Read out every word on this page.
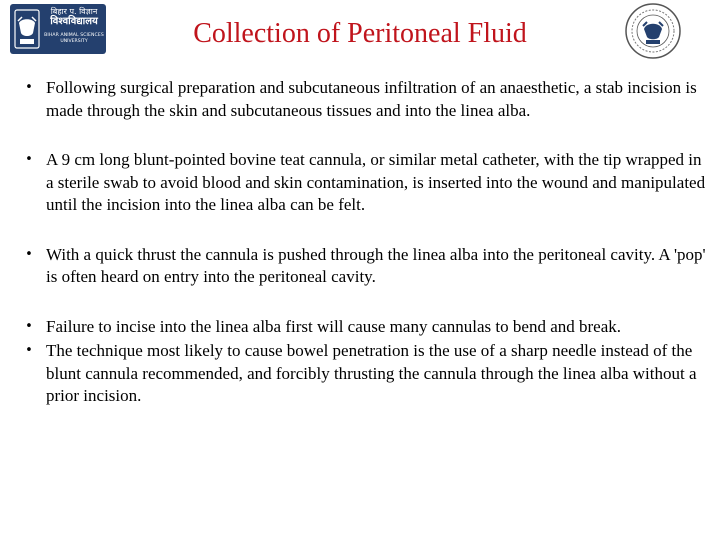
बिहार प. विज्ञान
विश्वविद्यालय
BIHAR ANIMAL SCIENCES
UNIVERSITY	Collection of Peritoneal Fluid
• Following surgical preparation and subcutaneous infiltration of an anaesthetic, a stab incision is made through the skin and subcutaneous tissues and into the linea alba.
• A 9 cm long blunt-pointed bovine teat cannula, or similar metal catheter, with the tip wrapped in a sterile swab to avoid blood and skin contamination, is inserted into the wound and manipulated until the incision into the linea alba can be felt.
• With a quick thrust the cannula is pushed through the linea alba into the peritoneal cavity. A 'pop' is often heard on entry into the peritoneal cavity.
• Failure to incise into the linea alba first will cause many cannulas to bend and break.
• The technique most likely to cause bowel penetration is the use of a sharp needle instead of the blunt cannula recommended, and forcibly thrusting the cannula through the linea alba without a prior incision.
